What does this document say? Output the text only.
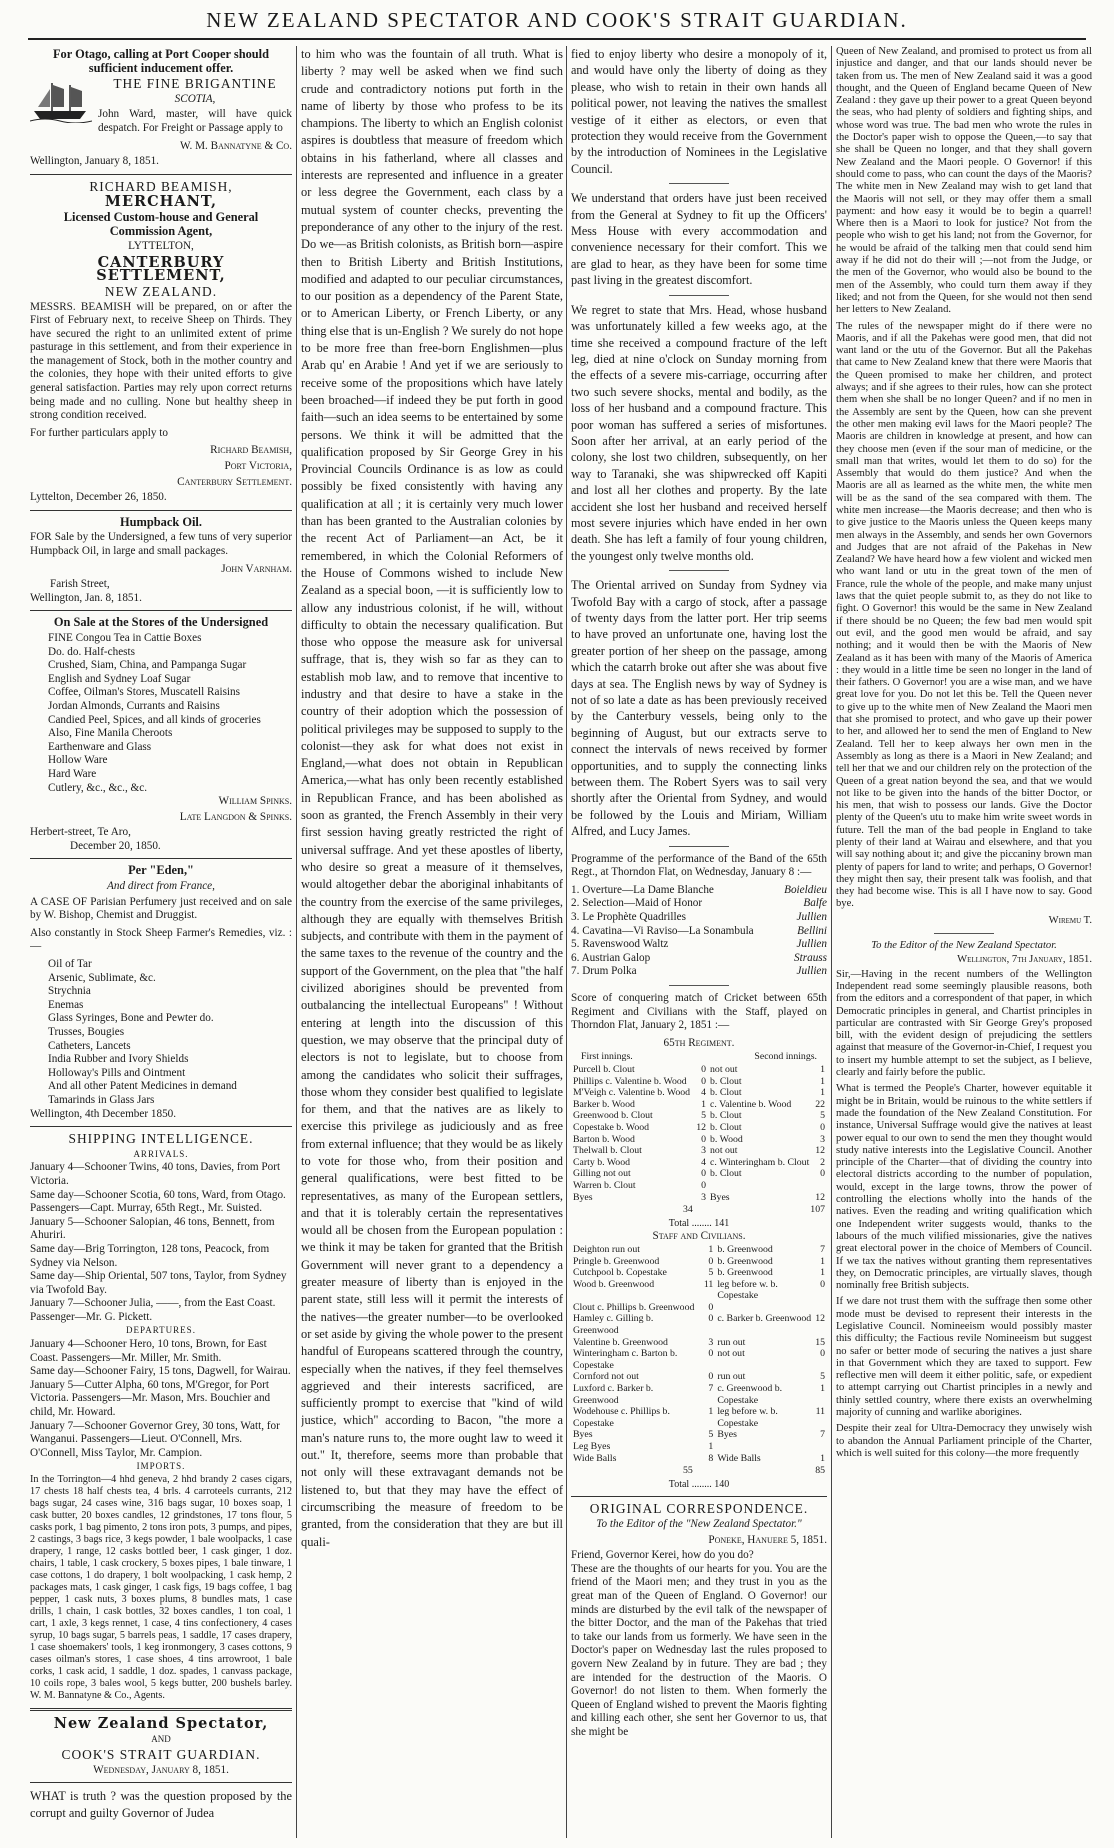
NEW ZEALAND SPECTATOR AND COOK'S STRAIT GUARDIAN.
For Otago, calling at Port Cooper should sufficient inducement offer.
THE FINE BRIGANTINE
SCOTIA,

John Ward, master, will have quick despatch. For Freight or Passage apply to

W. M. Bannatyne & Co.
Wellington, January 8, 1851.
RICHARD BEAMISH,
MERCHANT,
Licensed Custom-house and General Commission Agent,
LYTTELTON,
CANTERBURY SETTLEMENT,
NEW ZEALAND.

MESSRS. BEAMISH will be prepared, on or after the First of February next, to receive Sheep on Thirds. They have secured the right to an unlimited extent of prime pasturage in this settlement, and from their experience in the management of Stock, both in the mother country and the colonies, they hope with their united efforts to give general satisfaction. Parties may rely upon correct returns being made and no culling. None but healthy sheep in strong condition received.

For further particulars apply to

Richard Beamish,
Port Victoria,
Canterbury Settlement.
Lyttelton, December 26, 1850.
Humpback Oil.

FOR Sale by the Undersigned, a few tuns of very superior Humpback Oil, in large and small packages.

John Varnham.
Farish Street,
Wellington, Jan. 8, 1851.
On Sale at the Stores of the Undersigned
FINE Congou Tea in Cattie Boxes
Do. do. Half-chests
Crushed, Siam, China, and Pampanga Sugar
English and Sydney Loaf Sugar
Coffee, Oilman's Stores, Muscatell Raisins
Jordan Almonds, Currants and Raisins
Candied Peel, Spices, and all kinds of groceries
Also, Fine Manila Cheroots
Earthenware and Glass
Hollow Ware
Hard Ware
Cutlery, &c., &c., &c.
William Spinks.
Late Langdon & Spinks.
Herbert-street, Te Aro,
December 20, 1850.
Per "Eden,"
And direct from France,

A CASE OF Parisian Perfumery just received and on sale by W. Bishop, Chemist and Druggist.

Also constantly in Stock Sheep Farmer's Remedies, viz. :—

Oil of Tar
Arsenic, Sublimate, &c.
Strychnia
Enemas
Glass Syringes, Bone and Pewter do.
Trusses, Bougies
Catheters, Lancets
India Rubber and Ivory Shields
Holloway's Pills and Ointment
And all other Patent Medicines in demand
Tamarinds in Glass Jars
Wellington, 4th December 1850.
SHIPPING INTELLIGENCE.
ARRIVALS.
January 4—Schooner Twins, 40 tons, Davies, from Port Victoria.
Same day—Schooner Scotia, 60 tons, Ward, from Otago. Passengers—Capt. Murray, 65th Regt., Mr. Suisted.
January 5—Schooner Salopian, 46 tons, Bennett, from Ahuriri.
Same day—Brig Torrington, 128 tons, Peacock, from Sydney via Nelson.
Same day—Ship Oriental, 507 tons, Taylor, from Sydney via Twofold Bay.
January 7—Schooner Julia, ——, from the East Coast. Passenger—Mr. G. Pickett.
DEPARTURES.
January 4—Schooner Hero, 10 tons, Brown, for East Coast. Passengers—Mr. Miller, Mr. Smith.
Same day—Schooner Fairy, 15 tons, Dagwell, for Wairau.
January 5—Cutter Alpha, 60 tons, M'Gregor, for Port Victoria. Passengers—Mr. Mason, Mrs. Bouchier and child, Mr. Howard.
January 7—Schooner Governor Grey, 30 tons, Watt, for Wanganui. Passengers—Lieut. O'Connell, Mrs. O'Connell, Miss Taylor, Mr. Campion.
IMPORTS.

In the Torrington—4 hhd geneva, 2 hhd brandy 2 cases cigars, 17 chests 18 half chests tea, 4 brls. 4 carroteels currants, 212 bags sugar, 24 cases wine, 316 bags sugar, 10 boxes soap, 1 cask butter, 20 boxes candles, 12 grindstones, 17 tons flour, 5 casks pork, 1 bag pimento, 2 tons iron pots, 3 pumps, and pipes, 2 castings, 3 bags rice, 3 kegs powder, 1 bale woolpacks, 1 case drapery, 1 range, 12 casks bottled beer, 1 cask ginger, 1 doz. chairs, 1 table, 1 cask crockery, 5 boxes pipes, 1 bale tinware, 1 case cottons, 1 do drapery, 1 bolt woolpacking, 1 cask hemp, 2 packages mats, 1 cask ginger, 1 cask figs, 19 bags coffee, 1 bag pepper, 1 cask nuts, 3 boxes plums, 8 bundles mats, 1 case drills, 1 chain, 1 cask bottles, 32 boxes candles, 1 ton coal, 1 cart, 1 axle, 3 kegs rennet, 1 case, 4 tins confectionery, 4 cases syrup, 10 bags sugar, 5 barrels peas, 1 saddle, 17 cases drapery, 1 case shoemakers' tools, 1 keg ironmongery, 3 cases cottons, 9 cases oilman's stores, 1 case shoes, 4 tins arrowroot, 1 bale corks, 1 cask acid, 1 saddle, 1 doz. spades, 1 canvass package, 10 coils rope, 3 bales wool, 5 kegs butter, 200 bushels barley. W. M. Bannatyne & Co., Agents.

New Zealand Spectator,
AND
COOK'S STRAIT GUARDIAN.
Wednesday, January 8, 1851.

WHAT is truth ? was the question proposed by the corrupt and guilty Governor of Judea

to him who was the fountain of all truth. What is liberty ? may well be asked when we find such crude and contradictory notions put forth in the name of liberty by those who profess to be its champions. The liberty to which an English colonist aspires is doubtless that measure of freedom which obtains in his fatherland, where all classes and interests are represented and influence in a greater or less degree the Government, each class by a mutual system of counter checks, preventing the preponderance of any other to the injury of the rest. Do we—as British colonists, as British born—aspire then to British Liberty and British Institutions, modified and adapted to our peculiar circumstances, to our position as a dependency of the Parent State, or to American Liberty, or French Liberty, or any thing else that is un-English ? We surely do not hope to be more free than free-born Englishmen—plus Arab qu' en Arabie ! And yet if we are seriously to receive some of the propositions which have lately been broached—if indeed they be put forth in good faith—such an idea seems to be entertained by some persons. We think it will be admitted that the qualification proposed by Sir George Grey in his Provincial Councils Ordinance is as low as could possibly be fixed consistently with having any qualification at all ; it is certainly very much lower than has been granted to the Australian colonies by the recent Act of Parliament—an Act, be it remembered, in which the Colonial Reformers of the House of Commons wished to include New Zealand as a special boon, —it is sufficiently low to allow any industrious colonist, if he will, without difficulty to obtain the necessary qualification. But those who oppose the measure ask for universal suffrage, that is, they wish so far as they can to establish mob law, and to remove that incentive to industry and that desire to have a stake in the country of their adoption which the possession of political privileges may be supposed to supply to the colonist—they ask for what does not exist in England,—what does not obtain in Republican America,—what has only been recently established in Republican France, and has been abolished as soon as granted, the French Assembly in their very first session having greatly restricted the right of universal suffrage. And yet these apostles of liberty, who desire so great a measure of it themselves, would altogether debar the aboriginal inhabitants of the country from the exercise of the same privileges, although they are equally with themselves British subjects, and contribute with them in the payment of the same taxes to the revenue of the country and the support of the Government, on the plea that "the half civilized aborigines should be prevented from outbalancing the intellectual Europeans" ! Without entering at length into the discussion of this question, we may observe that the principal duty of electors is not to legislate, but to choose from among the candidates who solicit their suffrages, those whom they consider best qualified to legislate for them, and that the natives are as likely to exercise this privilege as judiciously and as free from external influence; that they would be as likely to vote for those who, from their position and general qualifications, were best fitted to be representatives, as many of the European settlers, and that it is tolerably certain the representatives would all be chosen from the European population : we think it may be taken for granted that the British Government will never grant to a dependency a greater measure of liberty than is enjoyed in the parent state, still less will it permit the interests of the natives—the greater number—to be overlooked or set aside by giving the whole power to the present handful of Europeans scattered through the country, especially when the natives, if they feel themselves aggrieved and their interests sacrificed, are sufficiently prompt to exercise that "kind of wild justice, which" according to Bacon, "the more a man's nature runs to, the more ought law to weed it out." It, therefore, seems more than probable that not only will these extravagant demands not be listened to, but that they may have the effect of circumscribing the measure of freedom to be granted, from the consideration that they are but ill quali-

fied to enjoy liberty who desire a monopoly of it, and would have only the liberty of doing as they please, who wish to retain in their own hands all political power, not leaving the natives the smallest vestige of it either as electors, or even that protection they would receive from the Government by the introduction of Nominees in the Legislative Council.

We understand that orders have just been received from the General at Sydney to fit up the Officers' Mess House with every accommodation and convenience necessary for their comfort. This we are glad to hear, as they have been for some time past living in the greatest discomfort.

We regret to state that Mrs. Head, whose husband was unfortunately killed a few weeks ago, at the time she received a compound fracture of the left leg, died at nine o'clock on Sunday morning from the effects of a severe mis-carriage, occurring after two such severe shocks, mental and bodily, as the loss of her husband and a compound fracture. This poor woman has suffered a series of misfortunes. Soon after her arrival, at an early period of the colony, she lost two children, subsequently, on her way to Taranaki, she was shipwrecked off Kapiti and lost all her clothes and property. By the late accident she lost her husband and received herself most severe injuries which have ended in her own death. She has left a family of four young children, the youngest only twelve months old.

The Oriental arrived on Sunday from Sydney via Twofold Bay with a cargo of stock, after a passage of twenty days from the latter port. Her trip seems to have proved an unfortunate one, having lost the greater portion of her sheep on the passage, among which the catarrh broke out after she was about five days at sea. The English news by way of Sydney is not of so late a date as has been previously received by the Canterbury vessels, being only to the beginning of August, but our extracts serve to connect the intervals of news received by former opportunities, and to supply the connecting links between them. The Robert Syers was to sail very shortly after the Oriental from Sydney, and would be followed by the Louis and Miriam, William Alfred, and Lucy James.

Programme of the performance of the Band of the 65th Regt., at Thorndon Flat, on Wednesday, January 8 :—

1. Overture—La Dame Blanche	Boieldieu
2. Selection—Maid of Honor	Balfe
3. Le Prophète Quadrilles	Jullien
4. Cavatina—Vi Raviso—La Sonambula	Bellini
5. Ravenswood Waltz	Jullien
6. Austrian Galop	Strauss
7. Drum Polka	Jullien

Score of conquering match of Cricket between 65th Regiment and Civilians with the Staff, played on Thorndon Flat, January 2, 1851 :—

65th Regiment.
First innings.	Second innings.
Purcell b. Clout	0	not out	1
Phillips c. Valentine b. Wood	0	b. Clout	1
M'Veigh c. Valentine b. Wood	4	b. Clout	1
Barker b. Wood	1	c. Valentine b. Wood	22
Greenwood b. Clout	5	b. Clout	5
Copestake b. Wood	12	b. Clout	0
Barton b. Wood	0	b. Wood	3
Thelwall b. Clout	3	not out	12
Carty b. Wood	4	c. Winteringham b. Clout	2
Gilling not out	0	b. Clout	0
Warren b. Clout	0		
Byes	3	Byes	12
34	107
Total ........ 141
Staff and Civilians.
Deighton run out	1	b. Greenwood	7
Pringle b. Greenwood	0	b. Greenwood	1
Cutchpool b. Copestake	5	b. Greenwood	1
Wood b. Greenwood	11	leg before w. b. Copestake	0
Clout c. Phillips b. Greenwood	0		
Hamley c. Gilling b. Greenwood	0	c. Barker b. Greenwood	12
Valentine b. Greenwood	3	run out	15
Winteringham c. Barton b. Copestake	0	not out	0
Cornford not out	0	run out	5
Luxford c. Barker b. Greenwood	7	c. Greenwood b. Copestake	1
Wodehouse c. Phillips b. Copestake	1	leg before w. b. Copestake	11
Byes	5	Byes	7
Leg Byes	1		
Wide Balls	8	Wide Balls	1
55	85
Total ........ 140
ORIGINAL CORRESPONDENCE.
To the Editor of the "New Zealand Spectator."
Poneke, Hanuere 5, 1851.
Friend, Governor Kerei, how do you do?

These are the thoughts of our hearts for you. You are the friend of the Maori men; and they trust in you as the great man of the Queen of England. O Governor! our minds are disturbed by the evil talk of the newspaper of the bitter Doctor, and the man of the Pakehas that tried to take our lands from us formerly. We have seen in the Doctor's paper on Wednesday last the rules proposed to govern New Zealand by in future. They are bad ; they are intended for the destruction of the Maoris. O Governor! do not listen to them. When formerly the Queen of England wished to prevent the Maoris fighting and killing each other, she sent her Governor to us, that she might be

Queen of New Zealand, and promised to protect us from all injustice and danger, and that our lands should never be taken from us. The men of New Zealand said it was a good thought, and the Queen of England became Queen of New Zealand : they gave up their power to a great Queen beyond the seas, who had plenty of soldiers and fighting ships, and whose word was true. The bad men who wrote the rules in the Doctor's paper wish to oppose the Queen,—to say that she shall be Queen no longer, and that they shall govern New Zealand and the Maori people. O Governor! if this should come to pass, who can count the days of the Maoris? The white men in New Zealand may wish to get land that the Maoris will not sell, or they may offer them a small payment: and how easy it would be to begin a quarrel! Where then is a Maori to look for justice? Not from the people who wish to get his land; not from the Governor, for he would be afraid of the talking men that could send him away if he did not do their will ;—not from the Judge, or the men of the Governor, who would also be bound to the men of the Assembly, who could turn them away if they liked; and not from the Queen, for she would not then send her letters to New Zealand.

The rules of the newspaper might do if there were no Maoris, and if all the Pakehas were good men, that did not want land or the utu of the Governor. But all the Pakehas that came to New Zealand knew that there were Maoris that the Queen promised to make her children, and protect always; and if she agrees to their rules, how can she protect them when she shall be no longer Queen? and if no men in the Assembly are sent by the Queen, how can she prevent the other men making evil laws for the Maori people? The Maoris are children in knowledge at present, and how can they choose men (even if the sour man of medicine, or the small man that writes, would let them to do so) for the Assembly that would do them justice? And when the Maoris are all as learned as the white men, the white men will be as the sand of the sea compared with them. The white men increase—the Maoris decrease; and then who is to give justice to the Maoris unless the Queen keeps many men always in the Assembly, and sends her own Governors and Judges that are not afraid of the Pakehas in New Zealand? We have heard how a few violent and wicked men who want land or utu in the great town of the men of France, rule the whole of the people, and make many unjust laws that the quiet people submit to, as they do not like to fight. O Governor! this would be the same in New Zealand if there should be no Queen; the few bad men would spit out evil, and the good men would be afraid, and say nothing; and it would then be with the Maoris of New Zealand as it has been with many of the Maoris of America : they would in a little time be seen no longer in the land of their fathers. O Governor! you are a wise man, and we have great love for you. Do not let this be. Tell the Queen never to give up to the white men of New Zealand the Maori men that she promised to protect, and who gave up their power to her, and allowed her to send the men of England to New Zealand. Tell her to keep always her own men in the Assembly as long as there is a Maori in New Zealand; and tell her that we and our children rely on the protection of the Queen of a great nation beyond the sea, and that we would not like to be given into the hands of the bitter Doctor, or his men, that wish to possess our lands. Give the Doctor plenty of the Queen's utu to make him write sweet words in future. Tell the man of the bad people in England to take plenty of their land at Wairau and elsewhere, and that you will say nothing about it; and give the piccaniny brown man plenty of papers for land to write; and perhaps, O Governor! they might then say, their present talk was foolish, and that they had become wise. This is all I have now to say. Good bye.

Wiremu T.
To the Editor of the New Zealand Spectator.
Wellington, 7th January, 1851.

Sir,—Having in the recent numbers of the Wellington Independent read some seemingly plausible reasons, both from the editors and a correspondent of that paper, in which Democratic principles in general, and Chartist principles in particular are contrasted with Sir George Grey's proposed bill, with the evident design of prejudicing the settlers against that measure of the Governor-in-Chief, I request you to insert my humble attempt to set the subject, as I believe, clearly and fairly before the public.

What is termed the People's Charter, however equitable it might be in Britain, would be ruinous to the white settlers if made the foundation of the New Zealand Constitution. For instance, Universal Suffrage would give the natives at least power equal to our own to send the men they thought would study native interests into the Legislative Council. Another principle of the Charter—that of dividing the country into electoral districts according to the number of population, would, except in the large towns, throw the power of controlling the elections wholly into the hands of the natives. Even the reading and writing qualification which one Independent writer suggests would, thanks to the labours of the much vilified missionaries, give the natives great electoral power in the choice of Members of Council. If we tax the natives without granting them representatives they, on Democratic principles, are virtually slaves, though nominally free British subjects.

If we dare not trust them with the suffrage then some other mode must be devised to represent their interests in the Legislative Council. Nomineeism would possibly master this difficulty; the Factious revile Nomineeism but suggest no safer or better mode of securing the natives a just share in that Government which they are taxed to support. Few reflective men will deem it either politic, safe, or expedient to attempt carrying out Chartist principles in a newly and thinly settled country, where there exists an overwhelming majority of cunning and warlike aborigines.

Despite their zeal for Ultra-Democracy they unwisely wish to abandon the Annual Parliament principle of the Charter, which is well suited for this colony—the more frequently
